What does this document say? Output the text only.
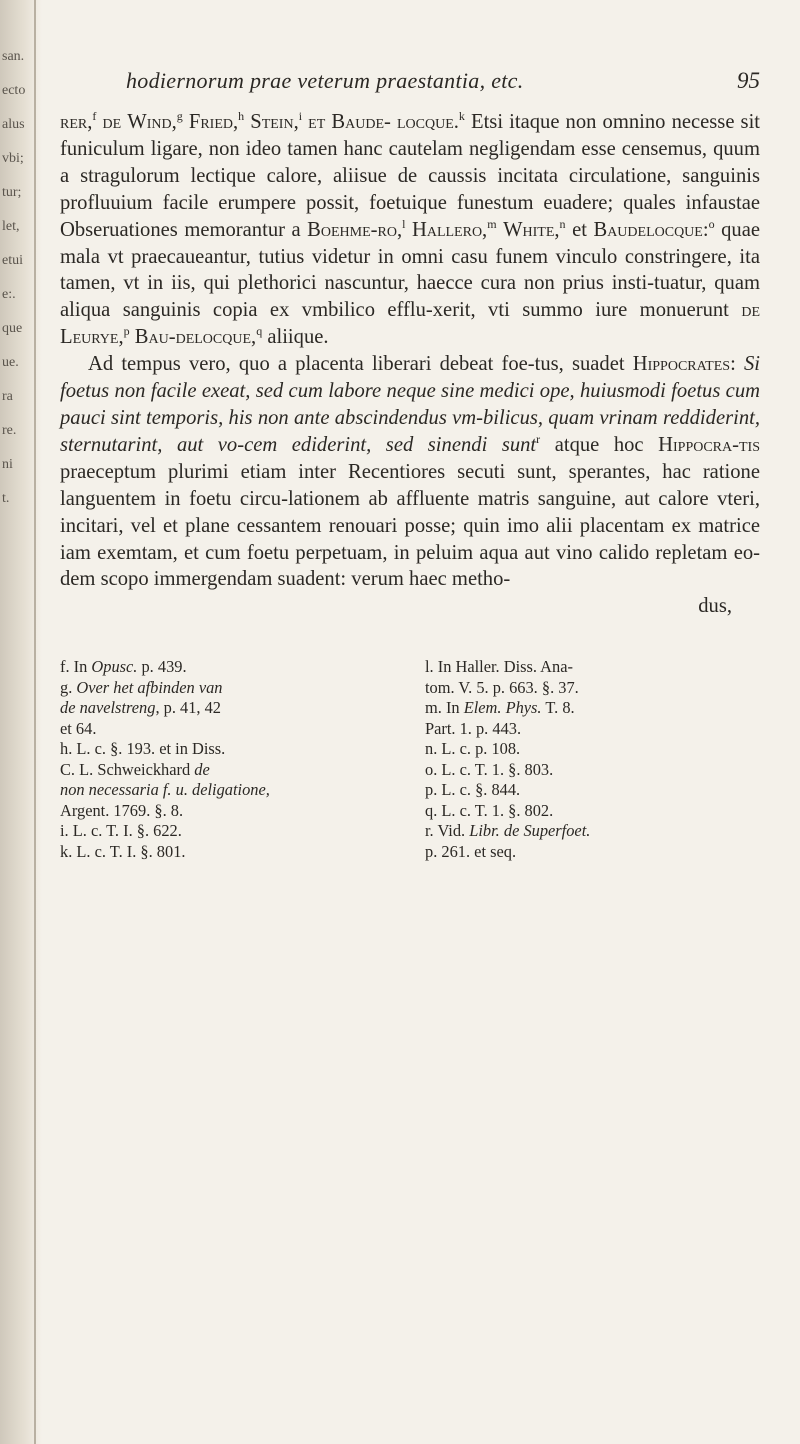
san.
ecto
alus
vbi;
tur;
let,
etui
e:.
que
ue.
ra
re.
ni
t.
hodiernorum prae veterum praestantia, etc.	95

rer,$^f$ de Wind,$^g$ Fried,$^h$ Stein,$^i$ et Baude- locque.$^k$ Etsi itaque non omnino necesse sit funiculum ligare, non ideo tamen hanc cautelam negligendam esse censemus, quum a stragulorum lectique calore, aliisue de caussis incitata circulatione, sanguinis profluuium facile erumpere possit, foetuique funestum euadere; quales infaustae Obseruationes memorantur a Boehme-ro,$^l$ Hallero,$^m$ White,$^n$ et Baudelocque:$^o$ quae mala vt praecaueantur, tutius videtur in omni casu funem vinculo constringere, ita tamen, vt in iis, qui plethorici nascuntur, haecce cura non prius insti-tuatur, quam aliqua sanguinis copia ex vmbilico efflu-xerit, vti summo iure monuerunt de Leurye,$^p$ Bau-delocque,$^q$ aliique.

Ad tempus vero, quo a placenta liberari debeat foe-tus, suadet Hippocrates: Si foetus non facile exeat, sed cum labore neque sine medici ope, huiusmodi foetus cum pauci sint temporis, his non ante abscindendus vm-bilicus, quam vrinam reddiderint, sternutarint, aut vo-cem ediderint, sed sinendi sunt$^r$ atque hoc Hippocra-tis praeceptum plurimi etiam inter Recentiores secuti sunt, sperantes, hac ratione languentem in foetu circu-lationem ab affluente matris sanguine, aut calore vteri, incitari, vel et plane cessantem renouari posse; quin imo alii placentam ex matrice iam exemtam, et cum foetu perpetuam, in peluim aqua aut vino calido repletam eo-dem scopo immergendam suadent: verum haec metho-

dus,
f. In Opusc. p. 439.
g. Over het afbinden van
de navelstreng, p. 41, 42
et 64.
h. L. c. §. 193. et in Diss.
C. L. Schweickhard de
non necessaria f. u. deligatione,
Argent. 1769. §. 8.
i. L. c. T. I. §. 622.
k. L. c. T. I. §. 801.
l. In Haller. Diss. Ana-
tom. V. 5. p. 663. §. 37.
m. In Elem. Phys. T. 8.
Part. 1. p. 443.
n. L. c. p. 108.
o. L. c. T. 1. §. 803.
p. L. c. §. 844.
q. L. c. T. 1. §. 802.
r. Vid. Libr. de Superfoet.
p. 261. et seq.
